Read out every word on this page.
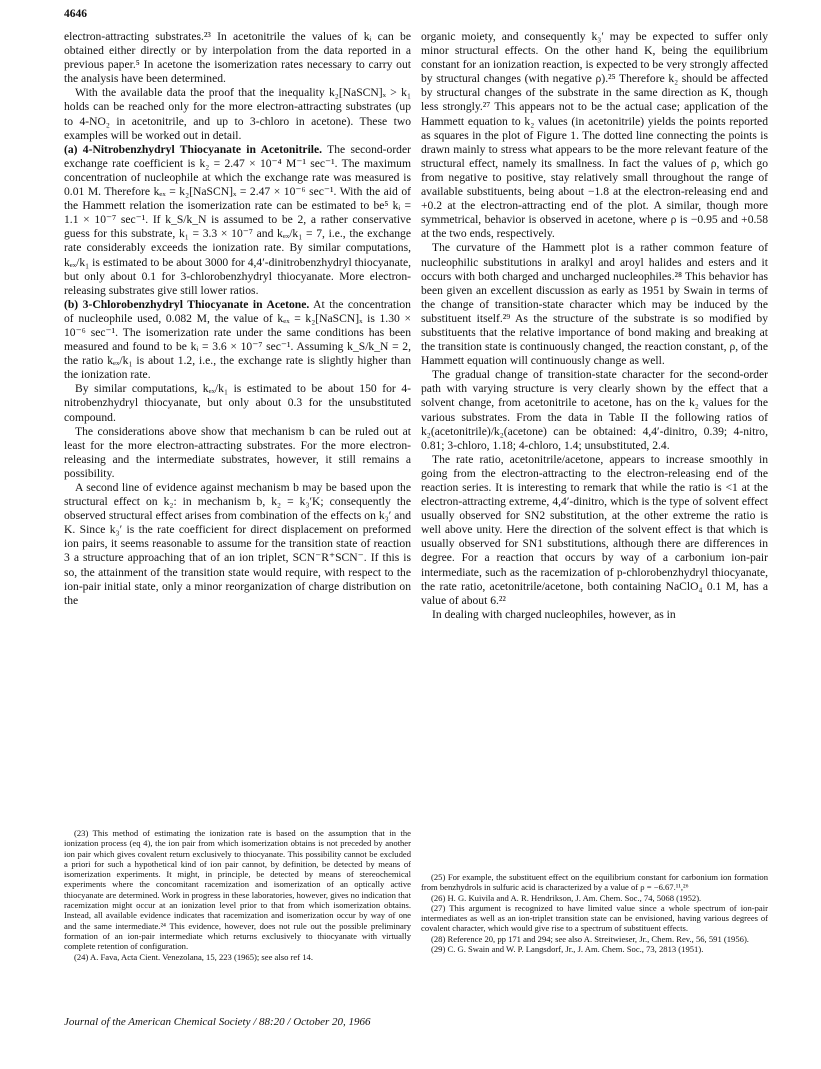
4646

electron-attracting substrates.²³ In acetonitrile the values of kᵢ can be obtained either directly or by interpolation from the data reported in a previous paper.⁵ In acetone the isomerization rates necessary to carry out the analysis have been determined.

With the available data the proof that the inequality k₂[NaSCN]ₓ > k₁ holds can be reached only for the more electron-attracting substrates (up to 4-NO₂ in acetonitrile, and up to 3-chloro in acetone). These two examples will be worked out in detail.

(a) 4-Nitrobenzhydryl Thiocyanate in Acetonitrile. The second-order exchange rate coefficient is k₂ = 2.47 × 10⁻⁴ M⁻¹ sec⁻¹. The maximum concentration of nucleophile at which the exchange rate was measured is 0.01 M. Therefore kₑₓ = k₂[NaSCN]ₓ = 2.47 × 10⁻⁶ sec⁻¹. With the aid of the Hammett relation the isomerization rate can be estimated to be⁵ kᵢ = 1.1 × 10⁻⁷ sec⁻¹. If k_S/k_N is assumed to be 2, a rather conservative guess for this substrate, k₁ = 3.3 × 10⁻⁷ and kₑₓ/k₁ = 7, i.e., the exchange rate considerably exceeds the ionization rate. By similar computations, kₑₓ/k₁ is estimated to be about 3000 for 4,4′-dinitrobenzhydryl thiocyanate, but only about 0.1 for 3-chlorobenzhydryl thiocyanate. More electron-releasing substrates give still lower ratios.

(b) 3-Chlorobenzhydryl Thiocyanate in Acetone. At the concentration of nucleophile used, 0.082 M, the value of kₑₓ = k₂[NaSCN]ₓ is 1.30 × 10⁻⁶ sec⁻¹. The isomerization rate under the same conditions has been measured and found to be kᵢ = 3.6 × 10⁻⁷ sec⁻¹. Assuming k_S/k_N = 2, the ratio kₑₓ/k₁ is about 1.2, i.e., the exchange rate is slightly higher than the ionization rate.

By similar computations, kₑₓ/k₁ is estimated to be about 150 for 4-nitrobenzhydryl thiocyanate, but only about 0.3 for the unsubstituted compound.

The considerations above show that mechanism b can be ruled out at least for the more electron-attracting substrates. For the more electron-releasing and the intermediate substrates, however, it still remains a possibility.

A second line of evidence against mechanism b may be based upon the structural effect on k₂: in mechanism b, k₂ = k₃′K; consequently the observed structural effect arises from combination of the effects on k₃′ and K. Since k₃′ is the rate coefficient for direct displacement on preformed ion pairs, it seems reasonable to assume for the transition state of reaction 3 a structure approaching that of an ion triplet, SCN⁻R⁺SCN⁻. If this is so, the attainment of the transition state would require, with respect to the ion-pair initial state, only a minor reorganization of charge distribution on the

organic moiety, and consequently k₃′ may be expected to suffer only minor structural effects. On the other hand K, being the equilibrium constant for an ionization reaction, is expected to be very strongly affected by structural changes (with negative ρ).²⁵ Therefore k₂ should be affected by structural changes of the substrate in the same direction as K, though less strongly.²⁷ This appears not to be the actual case; application of the Hammett equation to k₂ values (in acetonitrile) yields the points reported as squares in the plot of Figure 1. The dotted line connecting the points is drawn mainly to stress what appears to be the more relevant feature of the structural effect, namely its smallness. In fact the values of ρ, which go from negative to positive, stay relatively small throughout the range of available substituents, being about −1.8 at the electron-releasing end and +0.2 at the electron-attracting end of the plot. A similar, though more symmetrical, behavior is observed in acetone, where ρ is −0.95 and +0.58 at the two ends, respectively.

The curvature of the Hammett plot is a rather common feature of nucleophilic substitutions in aralkyl and aroyl halides and esters and it occurs with both charged and uncharged nucleophiles.²⁸ This behavior has been given an excellent discussion as early as 1951 by Swain in terms of the change of transition-state character which may be induced by the substituent itself.²⁹ As the structure of the substrate is so modified by substituents that the relative importance of bond making and breaking at the transition state is continuously changed, the reaction constant, ρ, of the Hammett equation will continuously change as well.

The gradual change of transition-state character for the second-order path with varying structure is very clearly shown by the effect that a solvent change, from acetonitrile to acetone, has on the k₂ values for the various substrates. From the data in Table II the following ratios of k₂(acetonitrile)/k₂(acetone) can be obtained: 4,4′-dinitro, 0.39; 4-nitro, 0.81; 3-chloro, 1.18; 4-chloro, 1.4; unsubstituted, 2.4.

The rate ratio, acetonitrile/acetone, appears to increase smoothly in going from the electron-attracting to the electron-releasing end of the reaction series. It is interesting to remark that while the ratio is <1 at the electron-attracting extreme, 4,4′-dinitro, which is the type of solvent effect usually observed for SN2 substitution, at the other extreme the ratio is well above unity. Here the direction of the solvent effect is that which is usually observed for SN1 substitutions, although there are differences in degree. For a reaction that occurs by way of a carbonium ion-pair intermediate, such as the racemization of p-chlorobenzhydryl thiocyanate, the rate ratio, acetonitrile/acetone, both containing NaClO₄ 0.1 M, has a value of about 6.²²

In dealing with charged nucleophiles, however, as in

(23) This method of estimating the ionization rate is based on the assumption that in the ionization process (eq 4), the ion pair from which isomerization obtains is not preceded by another ion pair which gives covalent return exclusively to thiocyanate. This possibility cannot be excluded a priori for such a hypothetical kind of ion pair cannot, by definition, be detected by means of isomerization experiments. It might, in principle, be detected by means of stereochemical experiments where the concomitant racemization and isomerization of an optically active thiocyanate are determined. Work in progress in these laboratories, however, gives no indication that racemization might occur at an ionization level prior to that from which isomerization obtains. Instead, all available evidence indicates that racemization and isomerization occur by way of one and the same intermediate.²⁴ This evidence, however, does not rule out the possible preliminary formation of an ion-pair intermediate which returns exclusively to thiocyanate with virtually complete retention of configuration.

(24) A. Fava, Acta Cient. Venezolana, 15, 223 (1965); see also ref 14.

(25) For example, the substituent effect on the equilibrium constant for carbonium ion formation from benzhydrols in sulfuric acid is characterized by a value of ρ = −6.67.¹¹,²⁶

(26) H. G. Kuivila and A. R. Hendrikson, J. Am. Chem. Soc., 74, 5068 (1952).

(27) This argument is recognized to have limited value since a whole spectrum of ion-pair intermediates as well as an ion-triplet transition state can be envisioned, having various degrees of covalent character, which would give rise to a spectrum of substituent effects.

(28) Reference 20, pp 171 and 294; see also A. Streitwieser, Jr., Chem. Rev., 56, 591 (1956).

(29) C. G. Swain and W. P. Langsdorf, Jr., J. Am. Chem. Soc., 73, 2813 (1951).

Journal of the American Chemical Society / 88:20 / October 20, 1966
